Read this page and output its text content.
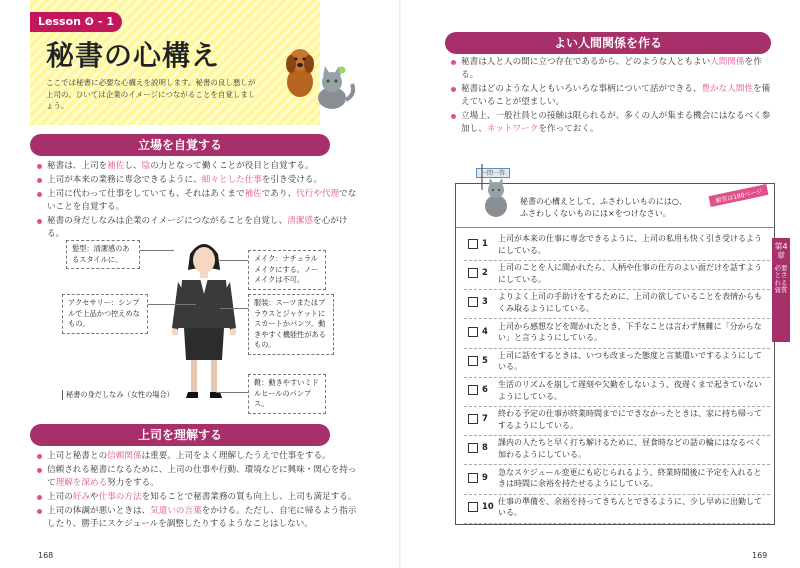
Lesson ❹ - 1
秘書の心構え
ここでは秘書に必要な心構えを説明します。秘書の良し悪しが上司の、ひいては企業のイメージにつながることを自覚しましょう。
立場を自覚する
秘書は、上司を補佐し、陰の力となって働くことが役目と自覚する。
上司が本来の業務に専念できるように、細々とした仕事を引き受ける。
上司に代わって仕事をしていても、それはあくまで補佐であり、代行や代理でないことを自覚する。
秘書の身だしなみは企業のイメージにつながることを自覚し、清潔感を心がける。
髪型：清潔感のあるスタイルに。	メイク：ナチュラルメイクにする。ノーメイクは不可。
アクセサリー：シンプルで上品かつ控えめなもの。
服装：スーツまたはブラウスとジャケットにスカートかパンツ。動きやすく機能性があるもの。
靴：動きやすいミドルヒールのパンプス。
秘書の身だしなみ（女性の場合）
上司を理解する
上司と秘書との信頼関係は重要。上司をよく理解したうえで仕事をする。
信頼される秘書になるために、上司の仕事や行動、環境などに興味・関心を持って理解を深める努力をする。
上司の好みや仕事の方法を知ることで秘書業務の質も向上し、上司も満足する。
上司の体調が悪いときは、気遣いの言葉をかける。ただし、自宅に帰るよう指示したり、勝手にスケジュールを調整したりするようなことはしない。
168
よい人間関係を作る
秘書は人と人の間に立つ存在であるから、どのような人ともよい人間関係を作る。
秘書はどのような人ともいろいろな事柄について話ができる、豊かな人間性を備えていることが望ましい。
立場上、一般社員との接触は限られるが、多くの人が集まる機会にはなるべく参加し、ネットワークを作っておく。
一問一答
秘書の心構えとして、ふさわしいものには○、
ふさわしくないものには×をつけなさい。
解答は180ページ
1 上司が本来の仕事に専念できるように、上司の私用も快く引き受けるようにしている。
2 上司のことを人に聞かれたら、人柄や仕事の仕方のよい面だけを話すようにしている。
3 よりよく上司の手助けをするために、上司の欲していることを表情からもくみ取るようにしている。
4 上司から感想などを聞かれたとき、下手なことは言わず無難に「分からない」と言うようにしている。
5 上司に話をするときは、いつも改まった態度と言葉遣いでするようにしている。
6 生活のリズムを崩して遅刻や欠勤をしないよう、夜遅くまで起きていないようにしている。
7 終わる予定の仕事が終業時間までにできなかったときは、家に持ち帰ってするようにしている。
8 課内の人たちと早く打ち解けるために、昼食時などの話の輪にはなるべく加わるようにしている。
9 急なスケジュール変更にも応じられるよう、終業時間後に予定を入れるときは時間に余裕を持たせるようにしている。
10 仕事の準備を、余裕を持ってきちんとできるように、少し早めに出勤している。
第4章
必要とされる資質
169
